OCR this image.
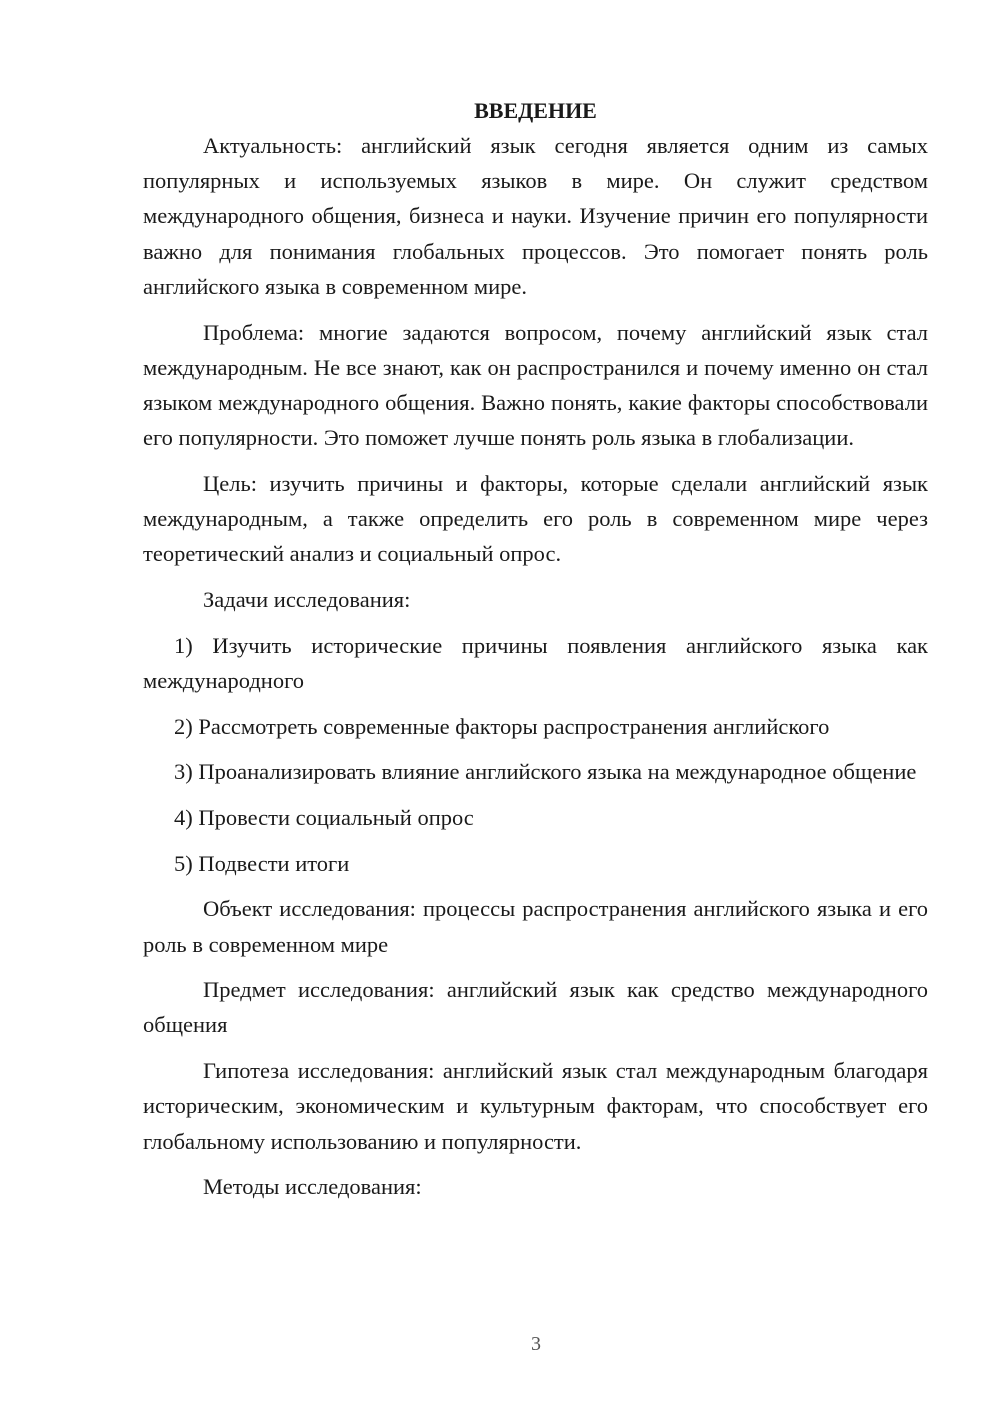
ВВЕДЕНИЕ

Актуальность: английский язык сегодня является одним из самых популярных и используемых языков в мире. Он служит средством международного общения, бизнеса и науки. Изучение причин его популярности важно для понимания глобальных процессов. Это помогает понять роль английского языка в современном мире.

Проблема: многие задаются вопросом, почему английский язык стал международным. Не все знают, как он распространился и почему именно он стал языком международного общения. Важно понять, какие факторы способствовали его популярности. Это поможет лучше понять роль языка в глобализации.

Цель: изучить причины и факторы, которые сделали английский язык международным, а также определить его роль в современном мире через теоретический анализ и социальный опрос.

Задачи исследования:

1) Изучить исторические причины появления английского языка как международного

2) Рассмотреть современные факторы распространения английского

3) Проанализировать влияние английского языка на международное общение

4) Провести социальный опрос

5) Подвести итоги

Объект исследования: процессы распространения английского языка и его роль в современном мире

Предмет исследования: английский язык как средство международного общения

Гипотеза исследования: английский язык стал международным благодаря историческим, экономическим и культурным факторам, что способствует его глобальному использованию и популярности.

Методы исследования:

3
